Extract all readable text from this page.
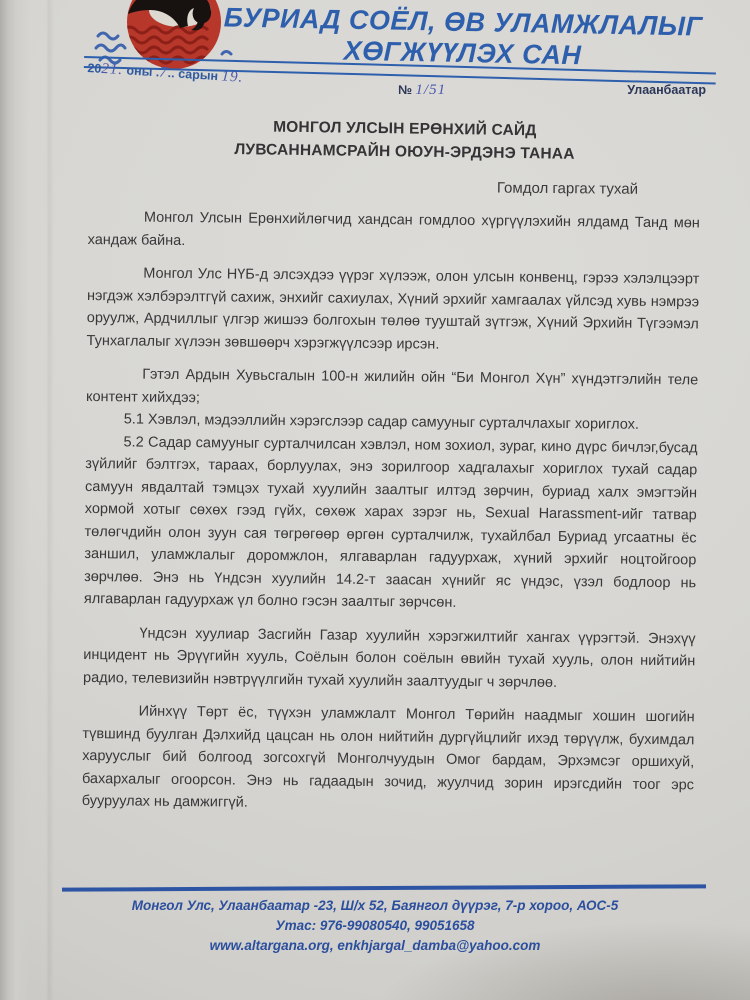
БУРИАД СОЁЛ, ӨВ УЛАМЖЛАЛЫГ
ХӨГЖҮҮЛЭХ САН
2021. оны .7.. сарын 19.
№ 1/51	Улаанбаатар
МОНГОЛ УЛСЫН ЕРӨНХИЙ САЙД
ЛУВСАННАМСРАЙН ОЮУН-ЭРДЭНЭ ТАНАА
Гомдол гаргах тухай

Монгол Улсын Ерөнхийлөгчид хандсан гомдлоо хүргүүлэхийн ялдамд Танд мөн хандаж байна.

Монгол Улс НҮБ-д элсэхдээ үүрэг хүлээж, олон улсын конвенц, гэрээ хэлэлцээрт нэгдэж хэлбэрэлтгүй сахиж, энхийг сахиулах, Хүний эрхийг хамгаалах үйлсэд хувь нэмрээ оруулж, Ардчиллыг үлгэр жишээ болгохын төлөө тууштай зүтгэж, Хүний Эрхийн Түгээмэл Тунхаглалыг хүлээн зөвшөөрч хэрэгжүүлсээр ирсэн.

Гэтэл Ардын Хувьсгалын 100-н жилийн ойн “Би Монгол Хүн” хүндэтгэлийн теле контент хийхдээ;

5.1 Хэвлэл, мэдээллийн хэрэгслээр садар самууныг сурталчлахыг хориглох.

5.2 Садар самууныг сурталчилсан хэвлэл, ном зохиол, зураг, кино дүрс бичлэг,бусад зүйлийг бэлтгэх, тараах, борлуулах, энэ зорилгоор хадгалахыг хориглох тухай садар самуун явдалтай тэмцэх тухай хуулийн заалтыг илтэд зөрчин, буриад халх эмэгтэйн хормой хотыг сөхөх гээд гүйх, сөхөж харах зэрэг нь, Sexual Harassment-ийг татвар төлөгчдийн олон зуун сая төгрөгөөр өргөн сурталчилж, тухайлбал Буриад угсаатны ёс заншил, уламжлалыг доромжлон, ялгаварлан гадуурхаж, хүний эрхийг ноцтойгоор зөрчлөө. Энэ нь Үндсэн хуулийн 14.2-т заасан хүнийг яс үндэс, үзэл бодлоор нь ялгаварлан гадуурхаж үл болно гэсэн заалтыг зөрчсөн.

Үндсэн хуулиар Засгийн Газар хуулийн хэрэгжилтийг хангах үүрэгтэй. Энэхүү инцидент нь Эрүүгийн хууль, Соёлын болон соёлын өвийн тухай хууль, олон нийтийн радио, телевизийн нэвтрүүлгийн тухай хуулийн заалтуудыг ч зөрчлөө.

Ийнхүү Төрт ёс, түүхэн уламжлалт Монгол Төрийн наадмыг хошин шогийн түвшинд буулган Дэлхийд цацсан нь олон нийтийн дургүйцлийг ихэд төрүүлж, бухимдал харууслыг бий болгоод зогсохгүй Монголчуудын Омог бардам, Эрхэмсэг оршихуй, бахархалыг огоорсон. Энэ нь гадаадын зочид, жуулчид зорин ирэгсдийн тоог эрс бууруулах нь дамжиггүй.

Монгол Улс, Улаанбаатар -23, Ш/х 52, Баянгол дүүрэг, 7-р хороо, АОС-5
Утас: 976-99080540, 99051658
www.altargana.org, enkhjargal_damba@yahoo.com
